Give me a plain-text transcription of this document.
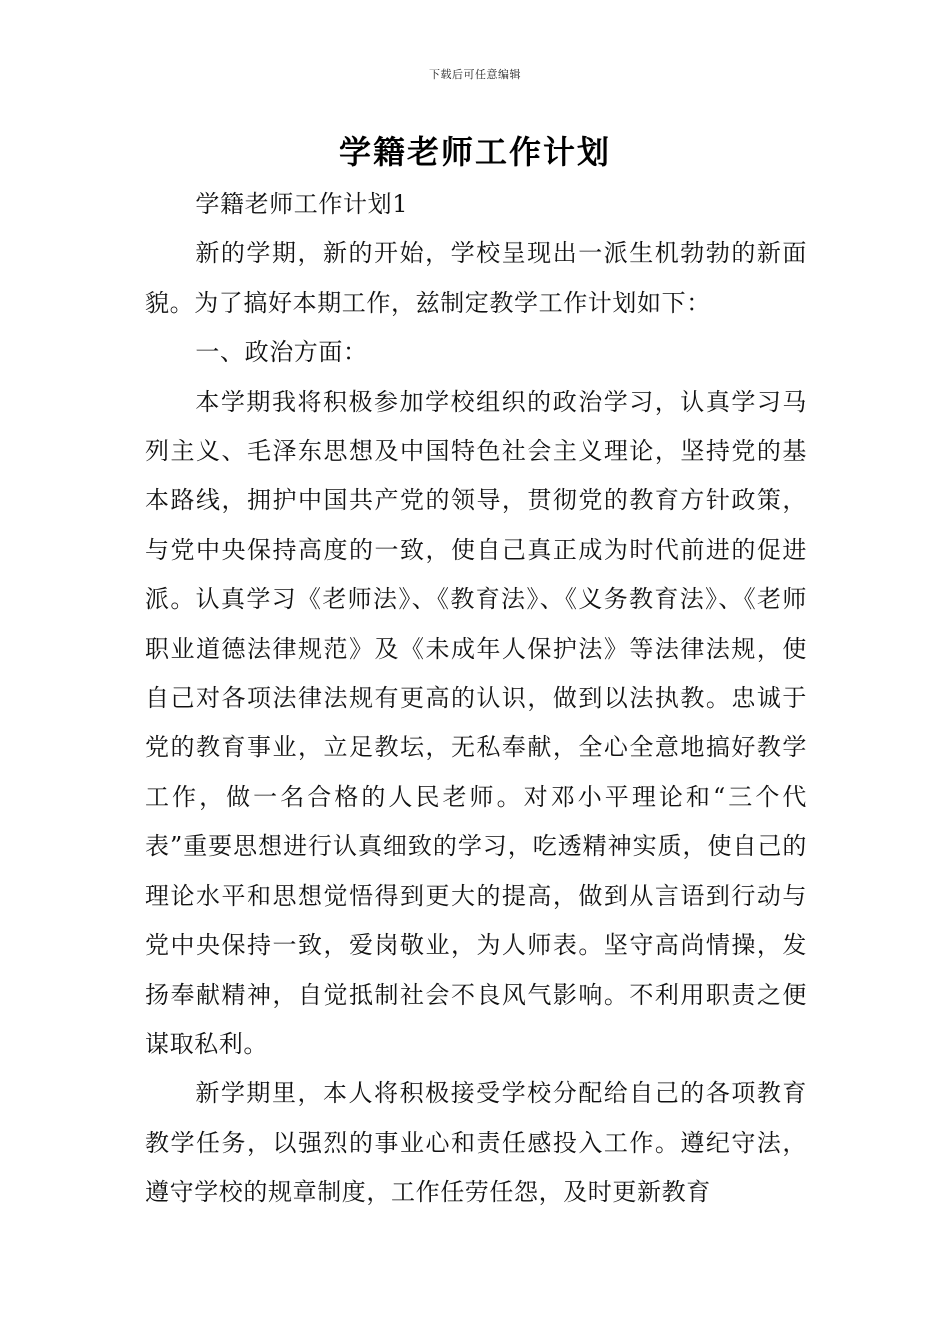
下载后可任意编辑
学籍老师工作计划

学籍老师工作计划1

新的学期，新的开始，学校呈现出一派生机勃勃的新面貌。为了搞好本期工作，兹制定教学工作计划如下：

一、政治方面：

本学期我将积极参加学校组织的政治学习，认真学习马列主义、毛泽东思想及中国特色社会主义理论，坚持党的基本路线，拥护中国共产党的领导，贯彻党的教育方针政策，与党中央保持高度的一致，使自己真正成为时代前进的促进派。认真学习《老师法》、《教育法》、《义务教育法》、《老师职业道德法律规范》及《未成年人保护法》等法律法规，使自己对各项法律法规有更高的认识，做到以法执教。忠诚于党的教育事业，立足教坛，无私奉献，全心全意地搞好教学工作，做一名合格的人民老师。对邓小平理论和“三个代表”重要思想进行认真细致的学习，吃透精神实质，使自己的理论水平和思想觉悟得到更大的提高，做到从言语到行动与党中央保持一致，爱岗敬业，为人师表。坚守高尚情操，发扬奉献精神，自觉抵制社会不良风气影响。不利用职责之便谋取私利。

新学期里，本人将积极接受学校分配给自己的各项教育教学任务，以强烈的事业心和责任感投入工作。遵纪守法，遵守学校的规章制度，工作任劳任怨，及时更新教育
